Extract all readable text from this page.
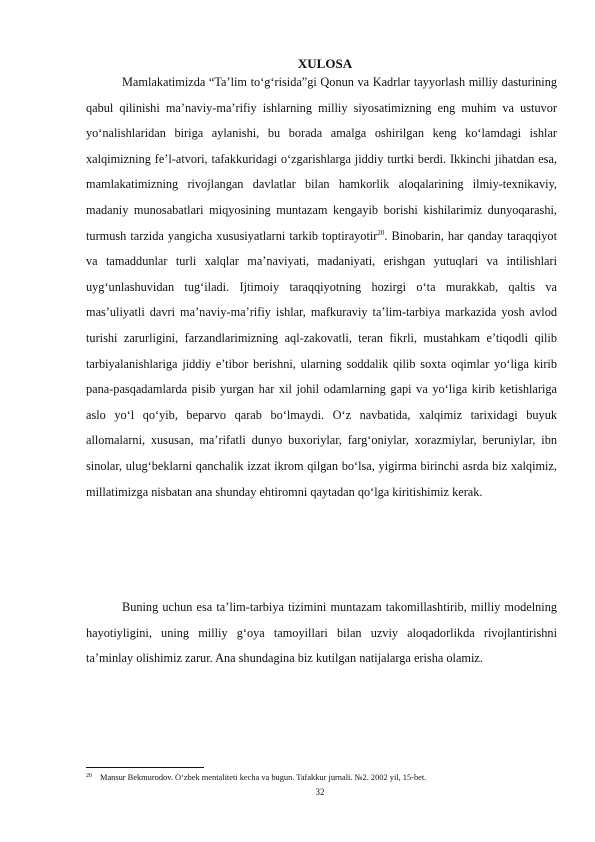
XULOSA
Mamlakatimizda “Ta’lim to‘g‘risida”gi Qonun va Kadrlar tayyorlash milliy dasturining qabul qilinishi ma’naviy-ma’rifiy ishlarning milliy siyosatimizning eng muhim va ustuvor yo‘nalishlaridan biriga aylanishi, bu borada amalga oshirilgan keng ko‘lamdagi ishlar xalqimizning fe’l-atvori, tafakkuridagi o‘zgarishlarga jiddiy turtki berdi. Ikkinchi jihatdan esa, mamlakatimizning rivojlangan davlatlar bilan hamkorlik aloqalarining ilmiy-texnikaviy, madaniy munosabatlari miqyosining muntazam kengayib borishi kishilarimiz dunyoqarashi, turmush tarzida yangicha xususiyatlarni tarkib toptirayotir$^{20}$. Binobarin, har qanday taraqqiyot va tamaddunlar turli xalqlar ma’naviyati, madaniyati, erishgan yutuqlari va intilishlari uyg‘unlashuvidan tug‘iladi. Ijtimoiy taraqqiyotning hozirgi o‘ta murakkab, qaltis va mas’uliyatli davri ma’naviy-ma’rifiy ishlar, mafkuraviy ta’lim-tarbiya markazida yosh avlod turishi zarurligini, farzandlarimizning aql-zakovatli, teran fikrli, mustahkam e’tiqodli qilib tarbiyalanishlariga jiddiy e’tibor berishni, ularning soddalik qilib soxta oqimlar yo‘liga kirib pana-pasqadamlarda pisib yurgan har xil johil odamlarning gapi va yo‘liga kirib ketishlariga aslo yo‘l qo‘yib, beparvo qarab bo‘lmaydi. O‘z navbatida, xalqimiz tarixidagi buyuk allomalarni, xususan, ma’rifatli dunyo buxoriylar, farg‘oniylar, xorazmiylar, beruniylar, ibn sinolar, ulug‘beklarni qanchalik izzat ikrom qilgan bo‘lsa, yigirma birinchi asrda biz xalqimiz, millatimizga nisbatan ana shunday ehtiromni qaytadan qo‘lga kiritishimiz kerak.
Buning uchun esa ta’lim-tarbiya tizimini muntazam takomillashtirib, milliy modelning hayotiyligini, uning milliy g‘oya tamoyillari bilan uzviy aloqadorlikda rivojlantirishni ta’minlay olishimiz zarur. Ana shundagina biz kutilgan natijalarga erisha olamiz.
$^{20}$ Mansur Bekmurodov. O‘zbek mentaliteti kecha va bugun. Tafakkur jurnali. №2. 2002 yil, 15-bet.
32
